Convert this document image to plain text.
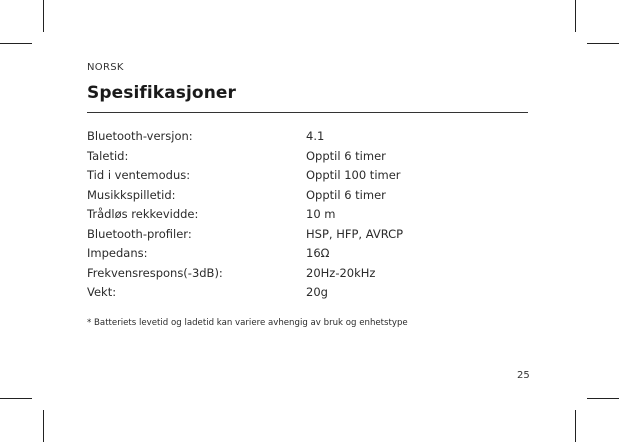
NORSK
Spesifikasjoner
Bluetooth-versjon:	4.1
Taletid:	Opptil 6 timer
Tid i ventemodus:	Opptil 100 timer
Musikkspilletid:	Opptil 6 timer
Trådløs rekkevidde:	10 m
Bluetooth-profiler:	HSP, HFP, AVRCP
Impedans:	16Ω
Frekvensrespons(-3dB):	20Hz-20kHz
Vekt:	20g
* Batteriets levetid og ladetid kan variere avhengig av bruk og enhetstype
25
